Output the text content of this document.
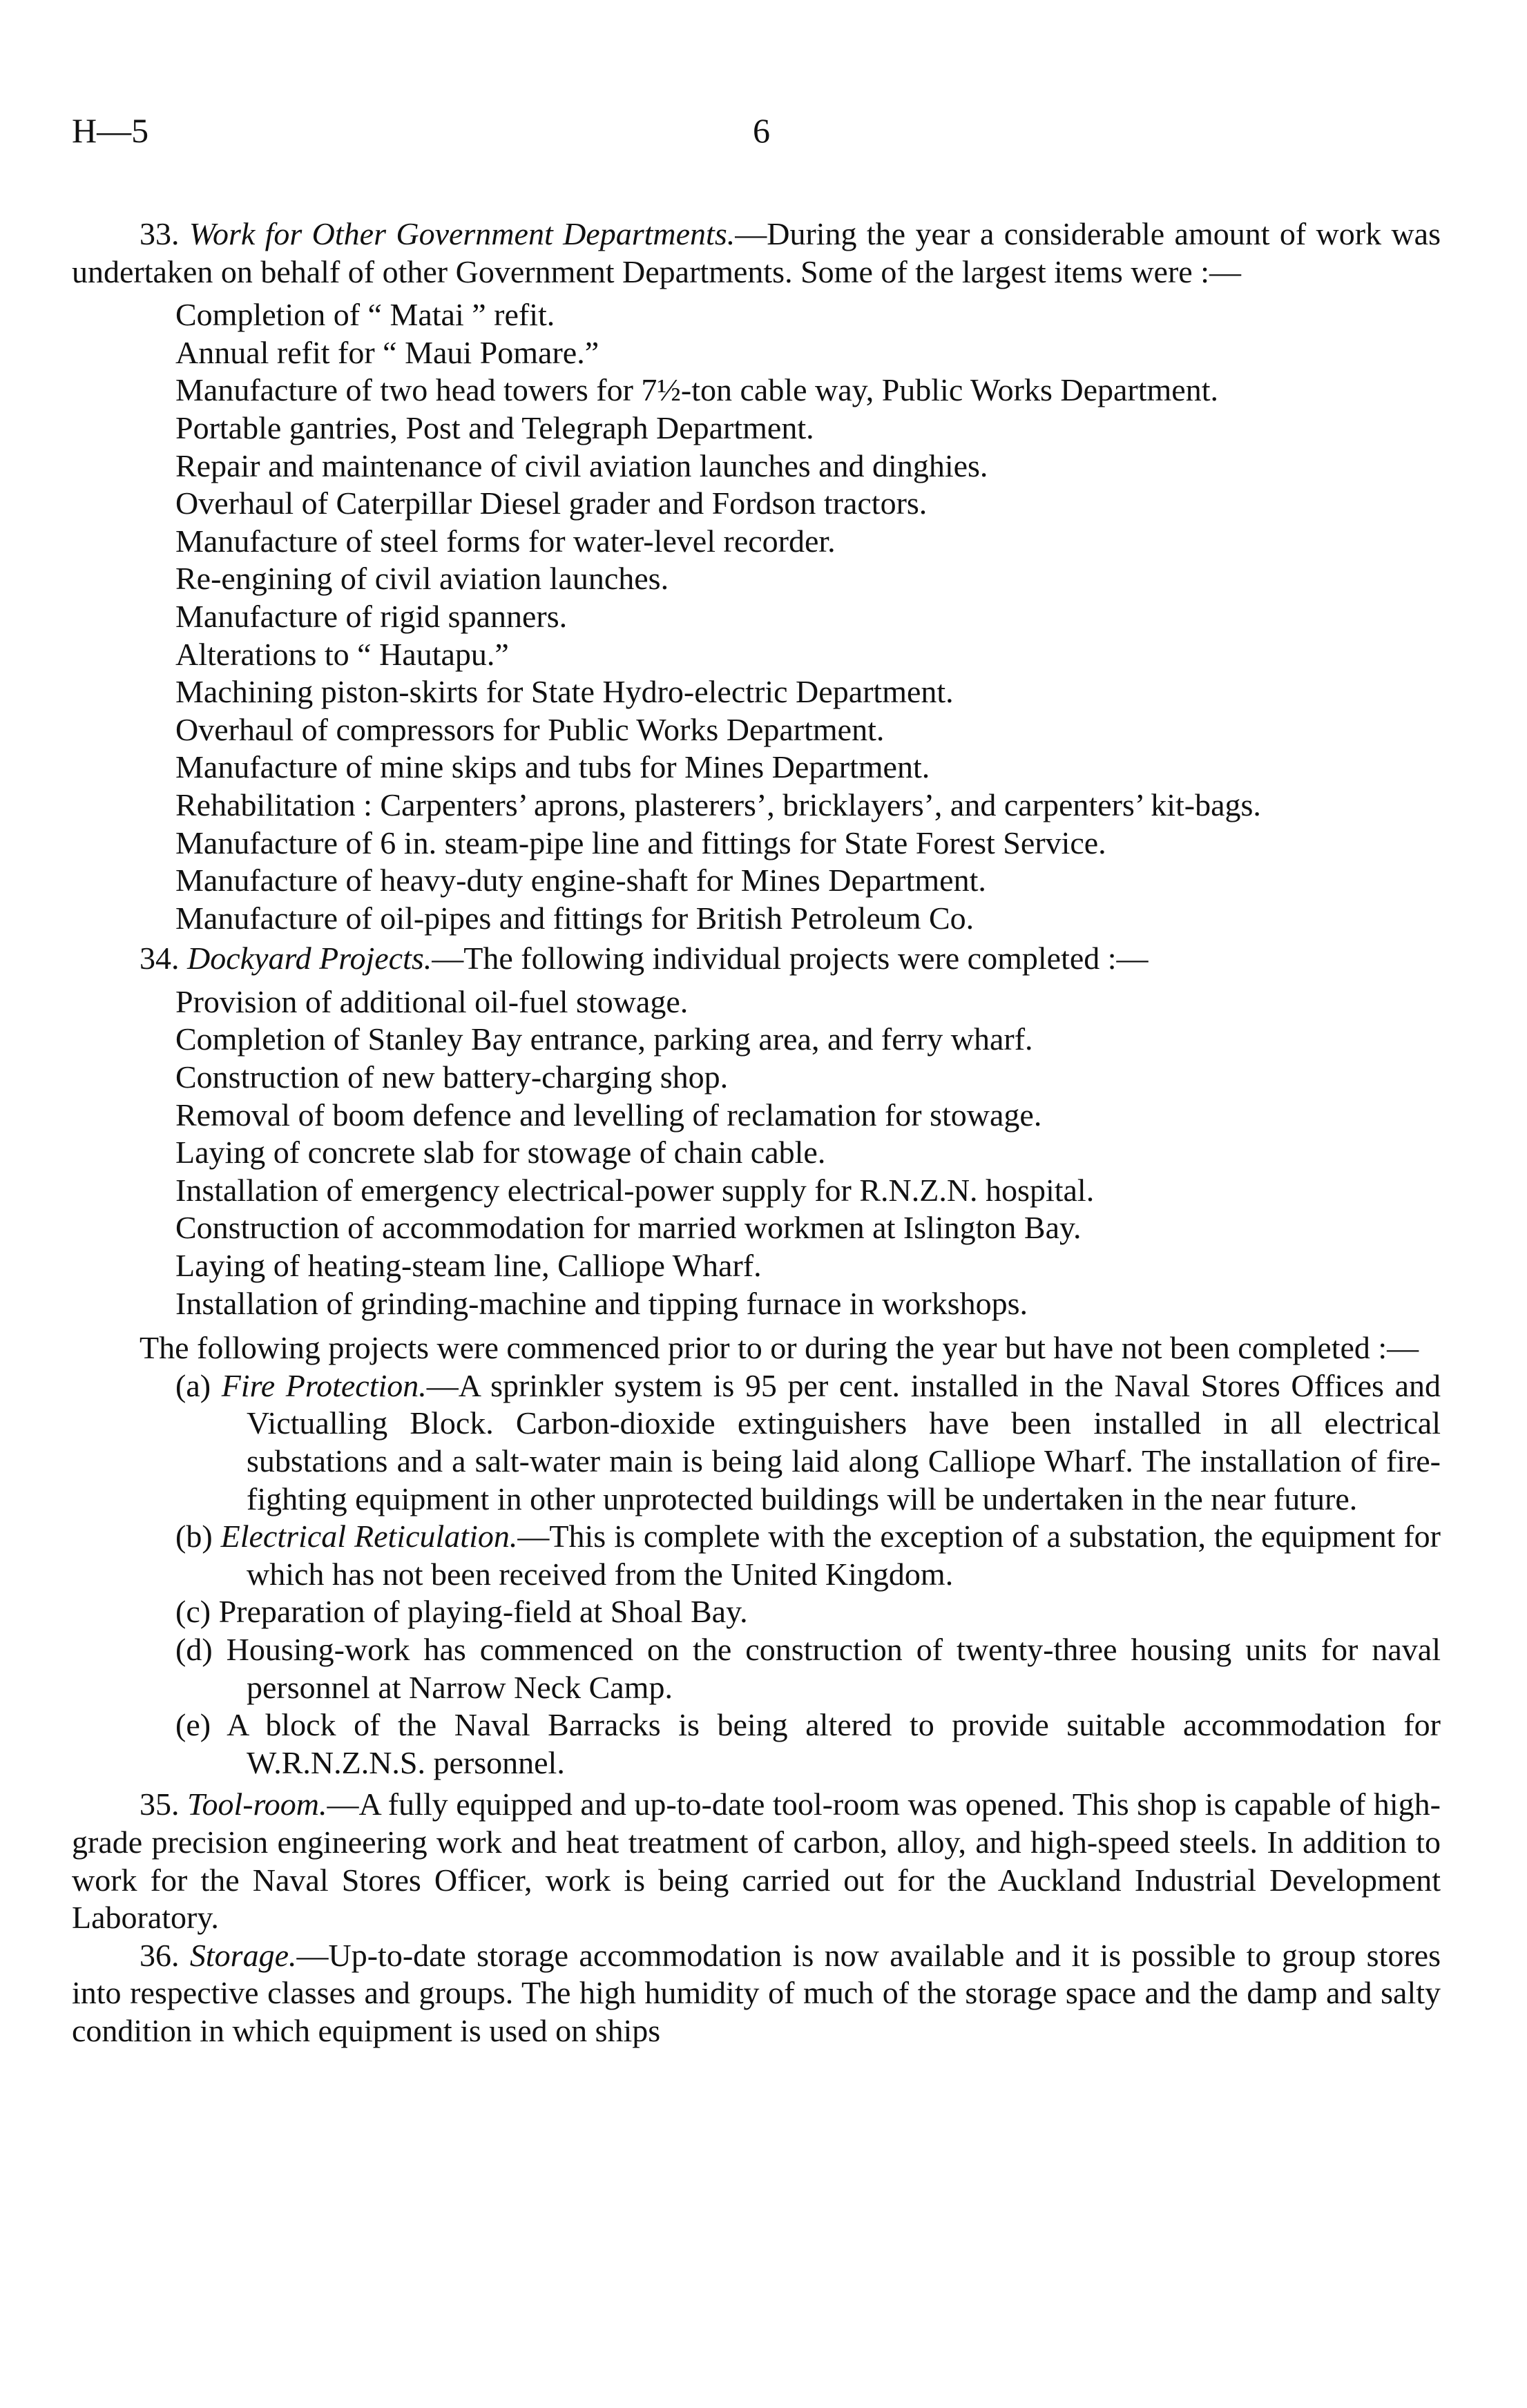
H—5	6

33. Work for Other Government Departments.—During the year a considerable amount of work was undertaken on behalf of other Government Departments. Some of the largest items were :—

Completion of “ Matai ” refit.
Annual refit for “ Maui Pomare.”
Manufacture of two head towers for 7½-ton cable way, Public Works Department.
Portable gantries, Post and Telegraph Department.
Repair and maintenance of civil aviation launches and dinghies.
Overhaul of Caterpillar Diesel grader and Fordson tractors.
Manufacture of steel forms for water-level recorder.
Re-engining of civil aviation launches.
Manufacture of rigid spanners.
Alterations to “ Hautapu.”
Machining piston-skirts for State Hydro-electric Department.
Overhaul of compressors for Public Works Department.
Manufacture of mine skips and tubs for Mines Department.
Rehabilitation : Carpenters’ aprons, plasterers’, bricklayers’, and carpenters’ kit-bags.
Manufacture of 6 in. steam-pipe line and fittings for State Forest Service.
Manufacture of heavy-duty engine-shaft for Mines Department.
Manufacture of oil-pipes and fittings for British Petroleum Co.

34. Dockyard Projects.—The following individual projects were completed :—

Provision of additional oil-fuel stowage.
Completion of Stanley Bay entrance, parking area, and ferry wharf.
Construction of new battery-charging shop.
Removal of boom defence and levelling of reclamation for stowage.
Laying of concrete slab for stowage of chain cable.
Installation of emergency electrical-power supply for R.N.Z.N. hospital.
Construction of accommodation for married workmen at Islington Bay.
Laying of heating-steam line, Calliope Wharf.
Installation of grinding-machine and tipping furnace in workshops.

The following projects were commenced prior to or during the year but have not been completed :—

(a) Fire Protection.—A sprinkler system is 95 per cent. installed in the Naval Stores Offices and Victualling Block. Carbon-dioxide extinguishers have been installed in all electrical substations and a salt-water main is being laid along Calliope Wharf. The installation of fire-fighting equipment in other unprotected buildings will be undertaken in the near future.
(b) Electrical Reticulation.—This is complete with the exception of a substation, the equipment for which has not been received from the United Kingdom.
(c) Preparation of playing-field at Shoal Bay.
(d) Housing-work has commenced on the construction of twenty-three housing units for naval personnel at Narrow Neck Camp.
(e) A block of the Naval Barracks is being altered to provide suitable accommodation for W.R.N.Z.N.S. personnel.

35. Tool-room.—A fully equipped and up-to-date tool-room was opened. This shop is capable of high-grade precision engineering work and heat treatment of carbon, alloy, and high-speed steels. In addition to work for the Naval Stores Officer, work is being carried out for the Auckland Industrial Development Laboratory.

36. Storage.—Up-to-date storage accommodation is now available and it is possible to group stores into respective classes and groups. The high humidity of much of the storage space and the damp and salty condition in which equipment is used on ships
